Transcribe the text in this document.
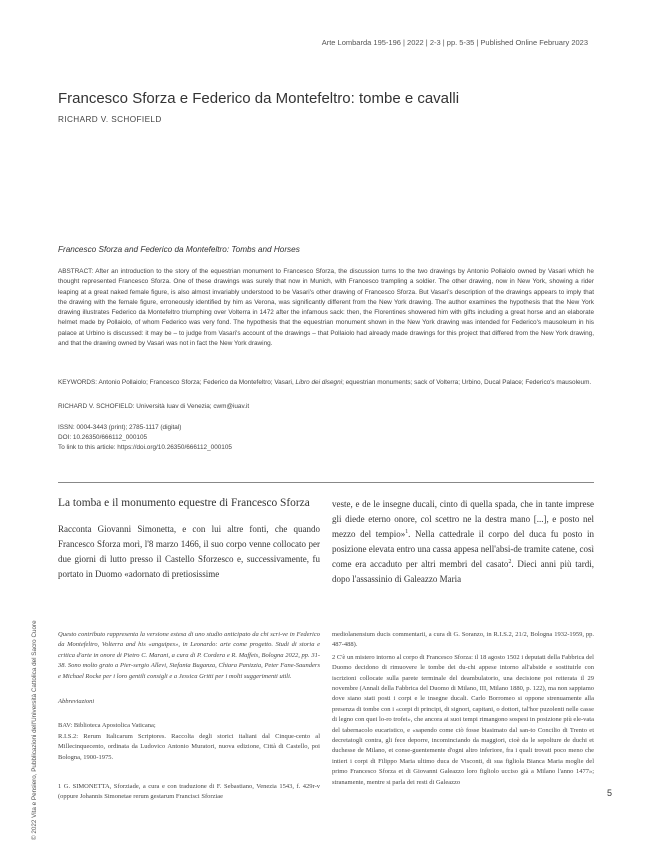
Arte Lombarda 195-196 | 2022 | 2-3 | pp. 5-35 | Published Online February 2023
Francesco Sforza e Federico da Montefeltro: tombe e cavalli
RICHARD V. SCHOFIELD
Francesco Sforza and Federico da Montefeltro: Tombs and Horses

ABSTRACT: After an introduction to the story of the equestrian monument to Francesco Sforza, the discussion turns to the two drawings by Antonio Pollaiolo owned by Vasari which he thought represented Francesco Sforza. One of these drawings was surely that now in Munich, with Francesco trampling a soldier. The other drawing, now in New York, showing a rider leaping at a great naked female figure, is also almost invariably understood to be Vasari's other drawing of Francesco Sforza. But Vasari's description of the drawings appears to imply that the drawing with the female figure, erroneously identified by him as Verona, was significantly different from the New York drawing. The author examines the hypothesis that the New York drawing illustrates Federico da Montefeltro triumphing over Volterra in 1472 after the infamous sack: then, the Florentines showered him with gifts including a great horse and an elaborate helmet made by Pollaiolo, of whom Federico was very fond. The hypothesis that the equestrian monument shown in the New York drawing was intended for Federico's mausoleum in his palace at Urbino is discussed: it may be – to judge from Vasari's account of the drawings – that Pollaiolo had already made drawings for this project that differed from the New York drawing, and that the drawing owned by Vasari was not in fact the New York drawing.

KEYWORDS: Antonio Pollaiolo; Francesco Sforza; Federico da Montefeltro; Vasari, Libro dei disegni; equestrian monuments; sack of Volterra; Urbino, Ducal Palace; Federico's mausoleum.

RICHARD V. SCHOFIELD: Università Iuav di Venezia; cwm@iuav.it

ISSN: 0004-3443 (print); 2785-1117 (digital)
DOI: 10.26350/666112_000105
To link to this article: https://doi.org/10.26350/666112_000105
La tomba e il monumento equestre di Francesco Sforza

Racconta Giovanni Simonetta, e con lui altre fonti, che quando Francesco Sforza morì, l'8 marzo 1466, il suo corpo venne collocato per due giorni di lutto presso il Castello Sforzesco e, successivamente, fu portato in Duomo «adornato di pretiosissime

veste, e de le insegne ducali, cinto di quella spada, che in tante imprese gli diede eterno onore, col scettro ne la destra mano [...], e posto nel mezzo del tempio»$^1$. Nella cattedrale il corpo del duca fu posto in posizione elevata entro una cassa appesa nell'absi-de tramite catene, così come era accaduto per altri membri del casato$^2$. Dieci anni più tardi, dopo l'assassinio di Galeazzo Maria

Questo contributo rappresenta la versione estesa di uno studio anticipato da chi scri-ve in Federico da Montefeltro, Volterra and his «anguipes», in Leonardo: arte come progetto. Studi di storia e critica d'arte in onore di Pietro C. Marani, a cura di P. Cordera e R. Maffeis, Bologna 2022, pp. 31-38. Sono molto grato a Pier-sergio Allevi, Stefania Buganza, Chiara Panizzia, Peter Fane-Saunders e Michael Rocke per i loro gentili consigli e a Jessica Gritti per i molti suggerimenti utili.
Abbreviazioni
BAV: Biblioteca Apostolica Vaticana;
R.I.S.2: Rerum Italicarum Scriptores. Raccolta degli storici italiani dal Cinque-cento al Millecinquecento, ordinata da Ludovico Antonio Muratori, nuova edizione, Città di Castello, poi Bologna, 1900-1975.
1 G. SIMONETTA, Sforziade, a cura e con traduzione di F. Sebastiano, Venezia 1543, f. 429r-v (oppure Johannis Simonetae rerum gestarum Francisci Sforziae
mediolanensium ducis commentarii, a cura di G. Soranzo, in R.I.S.2, 21/2, Bologna 1932-1959, pp. 487-488).
2 C'è un mistero intorno al corpo di Francesco Sforza: il 18 agosto 1502 i deputati della Fabbrica del Duomo decidono di rimuovere le tombe dei du-chi appese intorno all'abside e sostituirle con iscrizioni collocate sulla parete terminale del deambulatorio, una decisione poi reiterata il 29 novembre (Annali della Fabbrica del Duomo di Milano, III, Milano 1880, p. 122), ma non sappiamo dove siano stati posti i corpi e le insegne ducali. Carlo Borromeo si oppone strenuamente alla presenza di tombe con i «corpi di principi, di signori, capitani, o dottori, tal'hor puzolenti nelle casse di legno con quei lo-ro trofei», che ancora ai suoi tempi rimangono sospesi in posizione più ele-vata del tabernacolo eucaristico, e «sapendo come ciò fosse biasimato dal san-to Concilio di Trento et decretatogli contra, gli fece deporre, incominciando da maggiori, cioè da le sepolture de duchi et duchesse de Milano, et conse-guentemente d'ogni altro inferiore, fra i quali trovati poco meno che intieri i corpi di Filippo Maria ultimo duca de Visconti, di sua figliola Bianca Maria moglie del primo Francesco Sforza et di Giovanni Galeazzo loro figliolo ucciso già a Milano l'anno 1477»; stranamente, mentre si parla dei resti di Galeazzo
© 2022 Vita e Pensiero, Pubblicazioni dell'Università Cattolica del Sacro Cuore	5
